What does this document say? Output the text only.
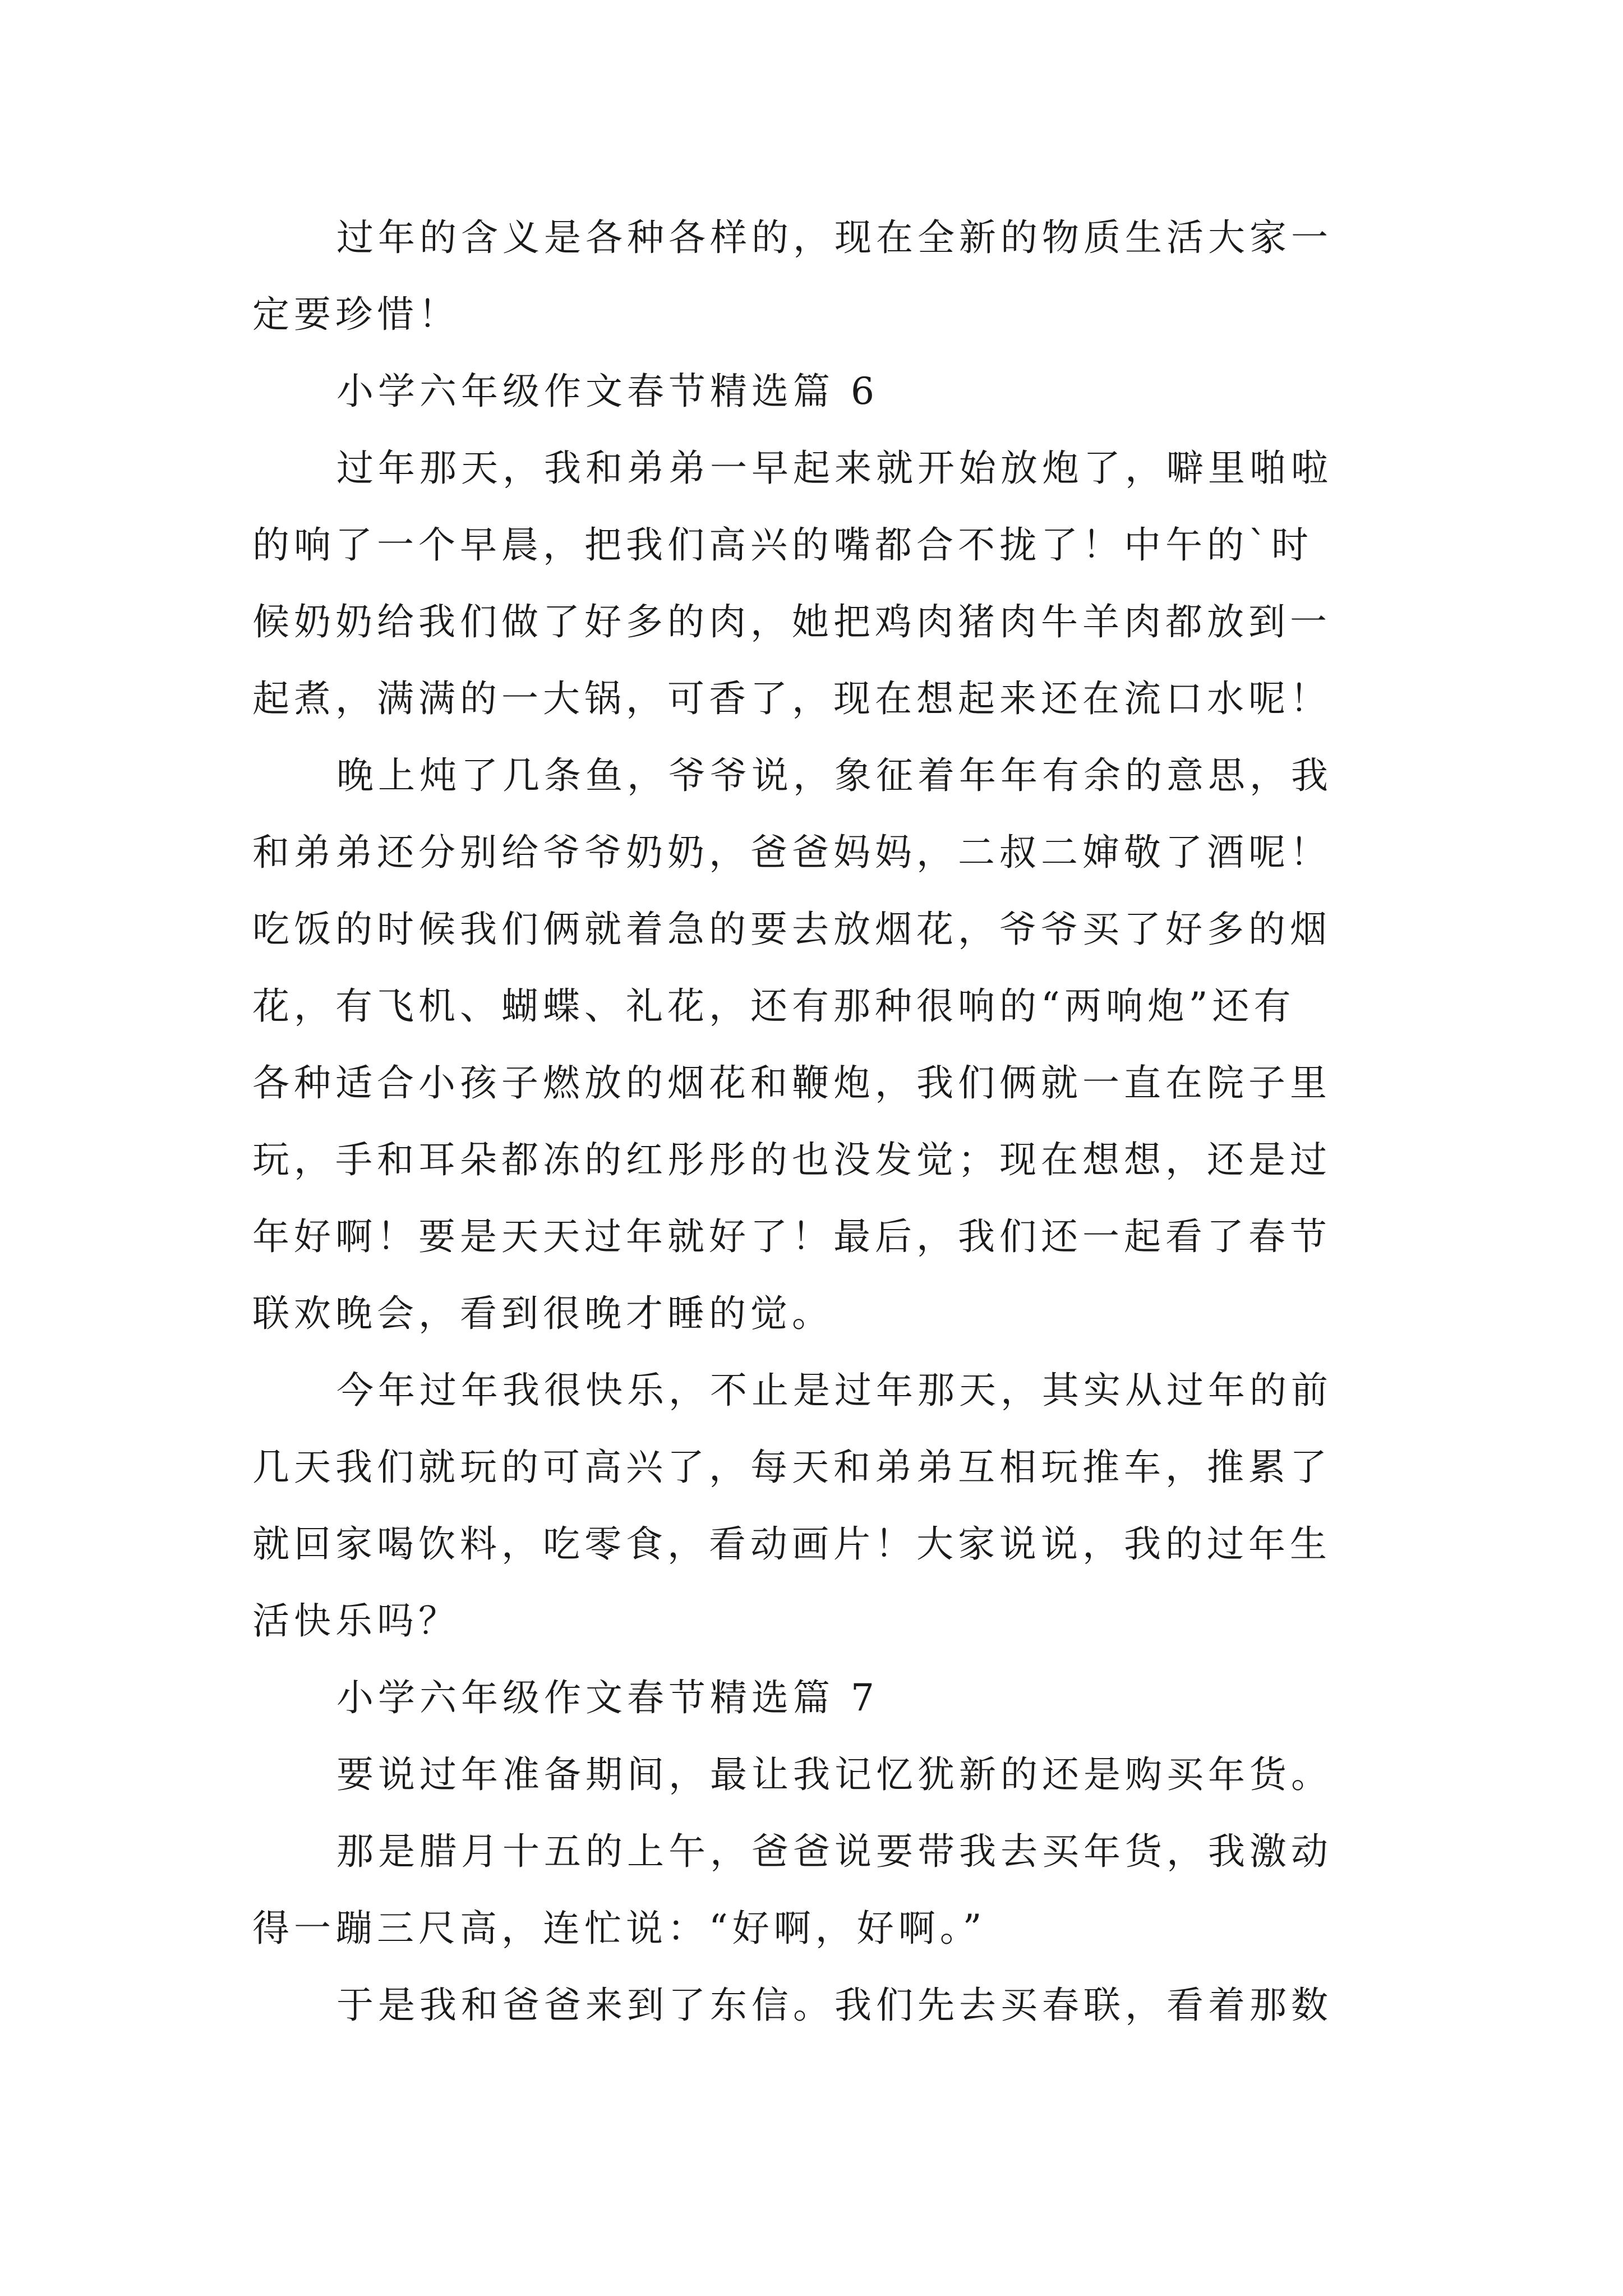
过年的含义是各种各样的，现在全新的物质生活大家一
定要珍惜！
小学六年级作文春节精选篇 6
过年那天，我和弟弟一早起来就开始放炮了，噼里啪啦
的响了一个早晨，把我们高兴的嘴都合不拢了！中午的`时
候奶奶给我们做了好多的肉，她把鸡肉猪肉牛羊肉都放到一
起煮，满满的一大锅，可香了，现在想起来还在流口水呢！
晚上炖了几条鱼，爷爷说，象征着年年有余的意思，我
和弟弟还分别给爷爷奶奶，爸爸妈妈，二叔二婶敬了酒呢！
吃饭的时候我们俩就着急的要去放烟花，爷爷买了好多的烟
花，有飞机、蝴蝶、礼花，还有那种很响的“两响炮”还有
各种适合小孩子燃放的烟花和鞭炮，我们俩就一直在院子里
玩，手和耳朵都冻的红彤彤的也没发觉；现在想想，还是过
年好啊！要是天天过年就好了！最后，我们还一起看了春节
联欢晚会，看到很晚才睡的觉。
今年过年我很快乐，不止是过年那天，其实从过年的前
几天我们就玩的可高兴了，每天和弟弟互相玩推车，推累了
就回家喝饮料，吃零食，看动画片！大家说说，我的过年生
活快乐吗？
小学六年级作文春节精选篇 7
要说过年准备期间，最让我记忆犹新的还是购买年货。
那是腊月十五的上午，爸爸说要带我去买年货，我激动
得一蹦三尺高，连忙说：“好啊，好啊。”
于是我和爸爸来到了东信。我们先去买春联，看着那数
